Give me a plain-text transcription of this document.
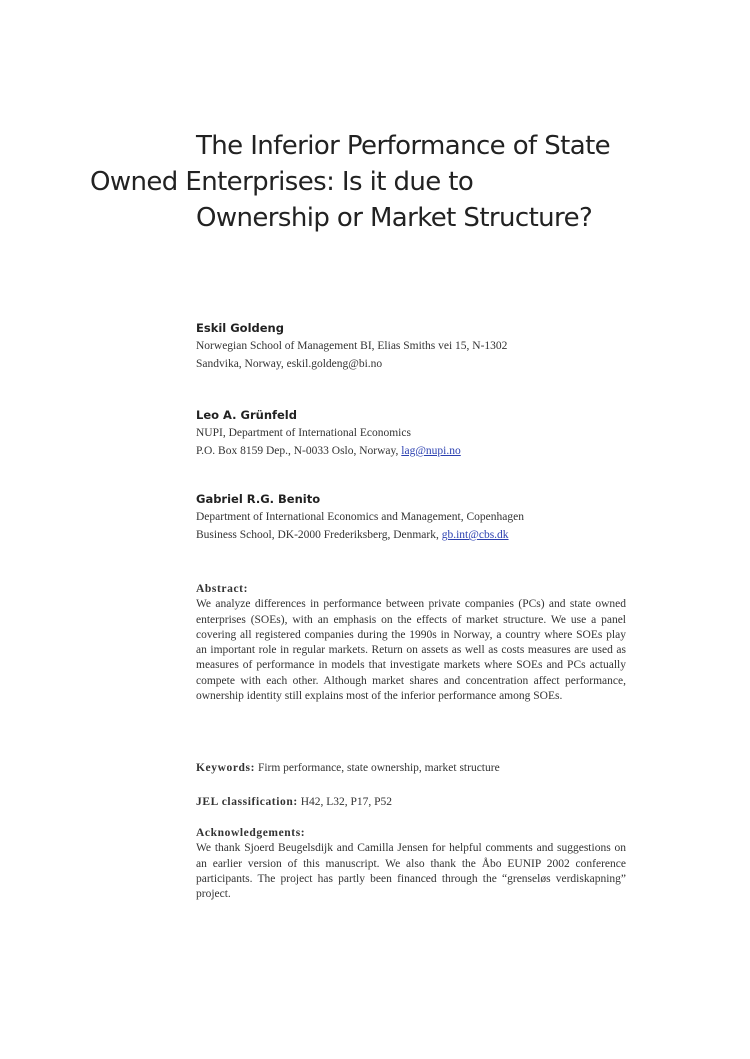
The Inferior Performance of State
Owned Enterprises: Is it due to
Ownership or Market Structure?
Eskil Goldeng
Norwegian School of Management BI, Elias Smiths vei 15, N-1302
Sandvika, Norway, eskil.goldeng@bi.no
Leo A. Grünfeld
NUPI, Department of International Economics
P.O. Box 8159 Dep., N-0033 Oslo, Norway, lag@nupi.no
Gabriel R.G. Benito
Department of International Economics and Management, Copenhagen
Business School, DK-2000 Frederiksberg, Denmark, gb.int@cbs.dk
Abstract:
We analyze differences in performance between private companies (PCs) and state owned enterprises (SOEs), with an emphasis on the effects of market structure. We use a panel covering all registered companies during the 1990s in Norway, a country where SOEs play an important role in regular markets. Return on assets as well as costs measures are used as measures of performance in models that investigate markets where SOEs and PCs actually compete with each other. Although market shares and concentration affect performance, ownership identity still explains most of the inferior performance among SOEs.
Keywords: Firm performance, state ownership, market structure
JEL classification: H42, L32, P17, P52
Acknowledgements:
We thank Sjoerd Beugelsdijk and Camilla Jensen for helpful comments and suggestions on an earlier version of this manuscript. We also thank the Åbo EUNIP 2002 conference participants. The project has partly been financed through the “grenseløs verdiskapning” project.
